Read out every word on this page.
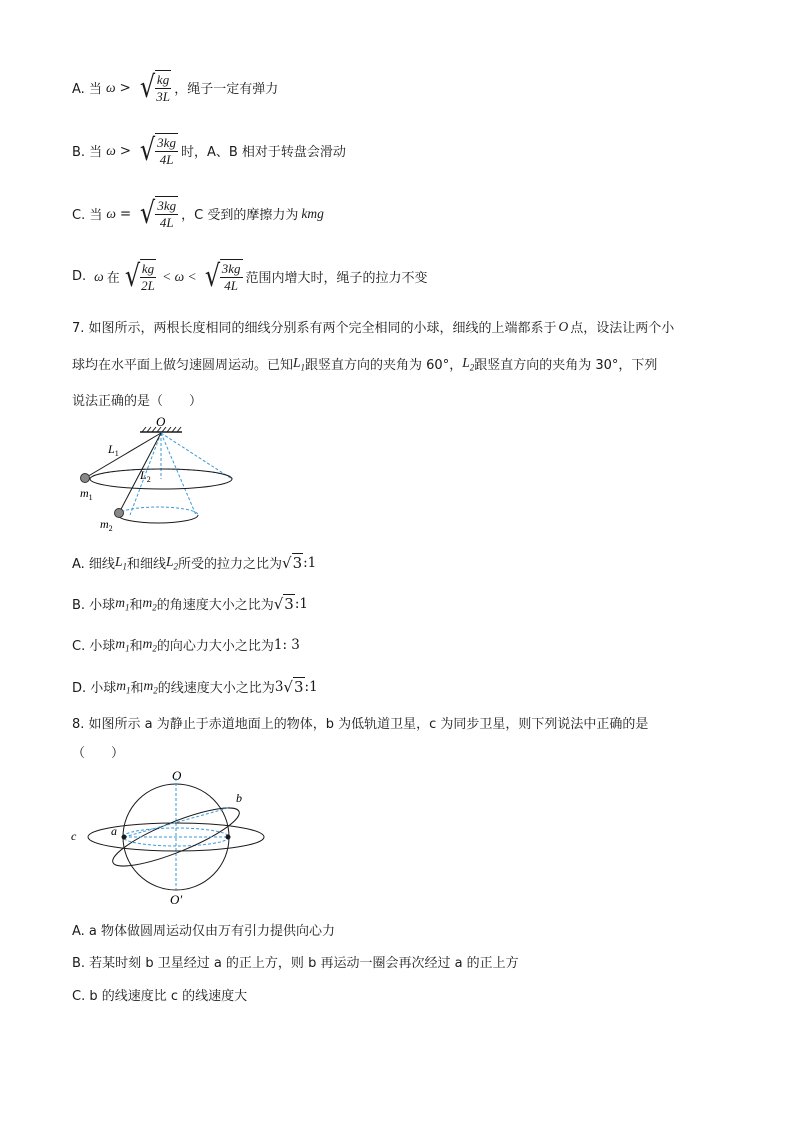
A. 当 ω > √ $\frac{kg}{3L}$ ，绳子一定有弹力
B. 当 ω > √ $\frac{3kg}{4L}$ 时，A、B 相对于转盘会滑动
C. 当 ω = √ $\frac{3kg}{4L}$ ，C 受到的摩擦力为 kmg
D. ω 在 √ $\frac{kg}{2L} < \omega$ < √ $\frac{3kg}{4L}$ 范围内增大时，绳子的拉力不变
7. 如图所示，两根长度相同的细线分别系有两个完全相同的小球，细线的上端都系于 O 点，设法让两个小
球均在水平面上做匀速圆周运动。已知 $L_1$ 跟竖直方向的夹角为 60°， $L_2$ 跟竖直方向的夹角为 30°，下列
说法正确的是（　　）
O
$L_1$
$L_2$
$m_1$
$m_2$
A. 细线 $L_1$ 和细线 $L_2$ 所受的拉力之比为 √3 :1
B. 小球 $m_1$ 和 $m_2$ 的角速度大小之比为 √3 :1
C. 小球 $m_1$ 和 $m_2$ 的向心力大小之比为 1: 3
D. 小球 $m_1$ 和 $m_2$ 的线速度大小之比为 3 √3 :1
8. 如图所示 a 为静止于赤道地面上的物体，b 为低轨道卫星，c 为同步卫星，则下列说法中正确的是
（　　）
O
O′
a
b
c
A. a 物体做圆周运动仅由万有引力提供向心力
B. 若某时刻 b 卫星经过 a 的正上方，则 b 再运动一圈会再次经过 a 的正上方
C. b 的线速度比 c 的线速度大
